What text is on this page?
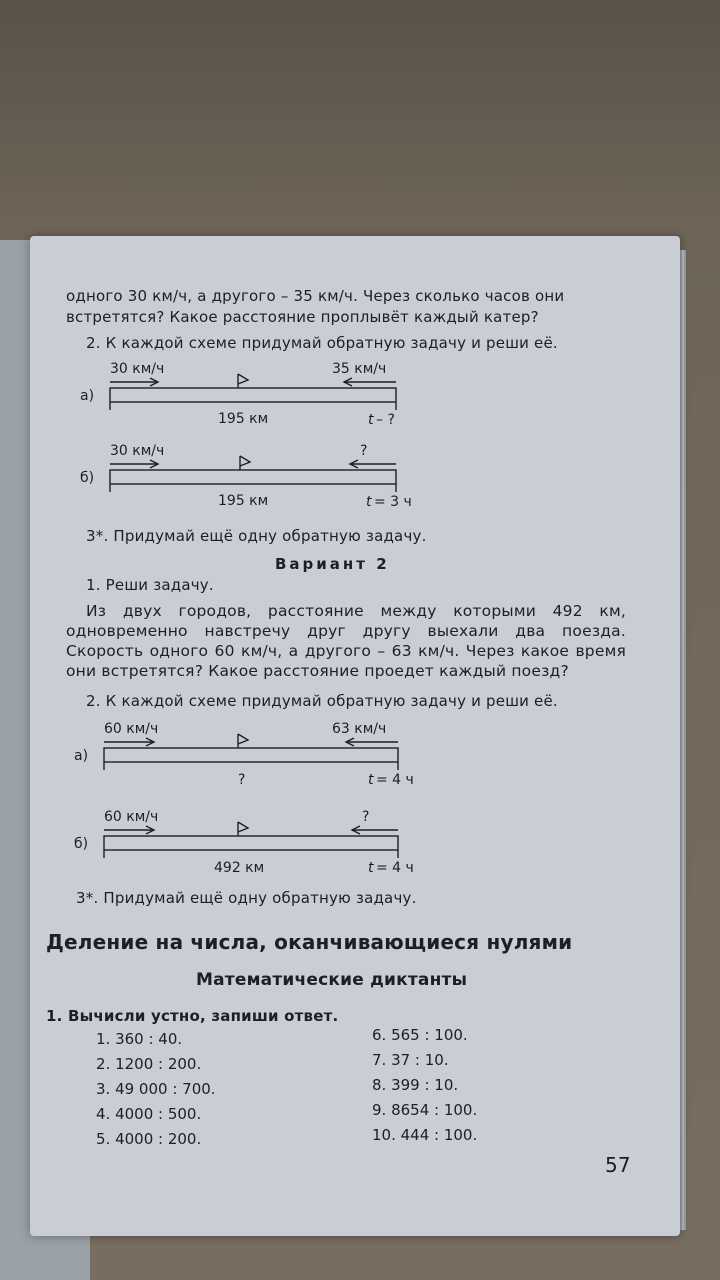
одного 30 км/ч, а другого – 35 км/ч. Через сколько часов они
встретятся? Какое расстояние проплывёт каждый катер?
2. К каждой схеме придумай обратную задачу и реши её.
а)
30 км/ч	35 км/ч
195 км	t – ?
б)
30 км/ч	?
195 км	t = 3 ч
3*. Придумай ещё одну обратную задачу.
Вариант 2
1. Реши задачу.
Из двух городов, расстояние между которыми 492 км, одновременно навстречу друг другу выехали два поезда. Скорость одного 60 км/ч, а другого – 63 км/ч. Через какое время они встретятся? Какое расстояние проедет каждый поезд?
2. К каждой схеме придумай обратную задачу и реши её.
а)
60 км/ч	63 км/ч
?	t = 4 ч
б)
60 км/ч	?
492 км	t = 4 ч
3*. Придумай ещё одну обратную задачу.
Деление на числа, оканчивающиеся нулями
Математические диктанты
1. Вычисли устно, запиши ответ.
1. 360 : 40.
2. 1200 : 200.
3. 49 000 : 700.
4. 4000 : 500.
5. 4000 : 200.
6. 565 : 100.
7. 37 : 10.
8. 399 : 10.
9. 8654 : 100.
10. 444 : 100.
57
